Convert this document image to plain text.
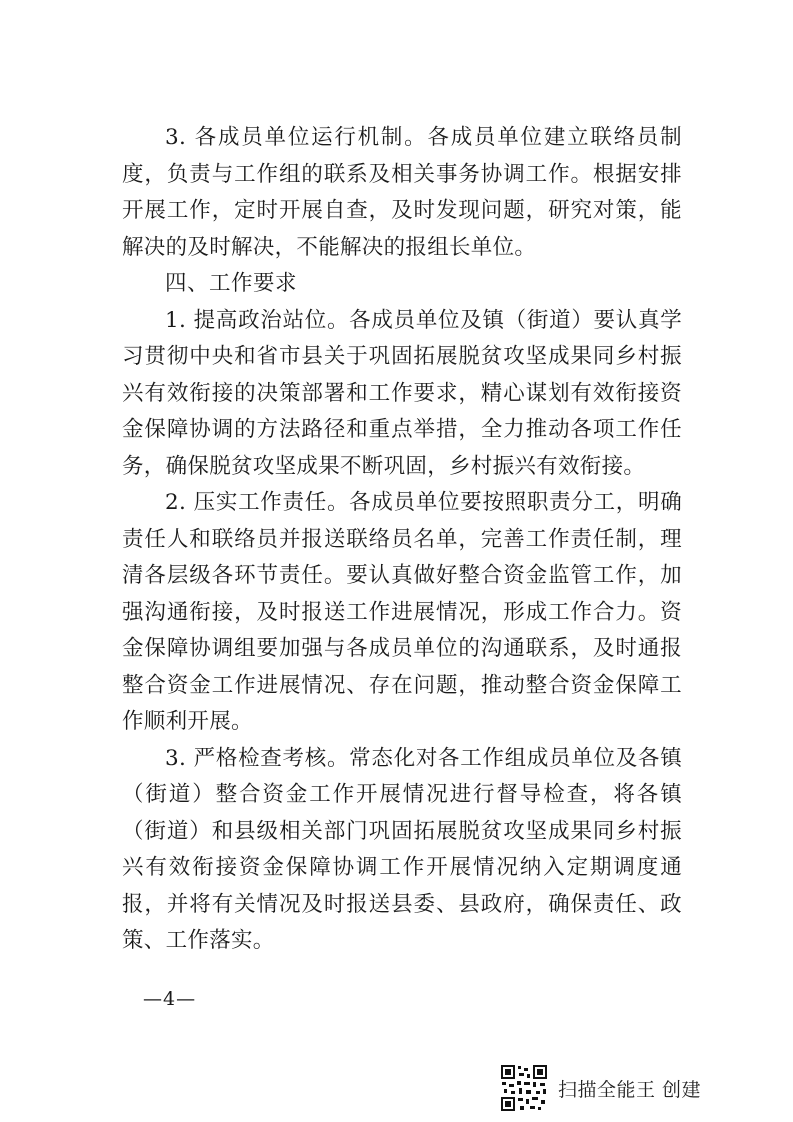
3. 各成员单位运行机制。各成员单位建立联络员制度，负责与工作组的联系及相关事务协调工作。根据安排开展工作，定时开展自查，及时发现问题，研究对策，能解决的及时解决，不能解决的报组长单位。

四、工作要求

1. 提高政治站位。各成员单位及镇（街道）要认真学习贯彻中央和省市县关于巩固拓展脱贫攻坚成果同乡村振兴有效衔接的决策部署和工作要求，精心谋划有效衔接资金保障协调的方法路径和重点举措，全力推动各项工作任务，确保脱贫攻坚成果不断巩固，乡村振兴有效衔接。

2. 压实工作责任。各成员单位要按照职责分工，明确责任人和联络员并报送联络员名单，完善工作责任制，理清各层级各环节责任。要认真做好整合资金监管工作，加强沟通衔接，及时报送工作进展情况，形成工作合力。资金保障协调组要加强与各成员单位的沟通联系，及时通报整合资金工作进展情况、存在问题，推动整合资金保障工作顺利开展。

3. 严格检查考核。常态化对各工作组成员单位及各镇（街道）整合资金工作开展情况进行督导检查，将各镇（街道）和县级相关部门巩固拓展脱贫攻坚成果同乡村振兴有效衔接资金保障协调工作开展情况纳入定期调度通报，并将有关情况及时报送县委、县政府，确保责任、政策、工作落实。

—4—
扫描全能王 创建
